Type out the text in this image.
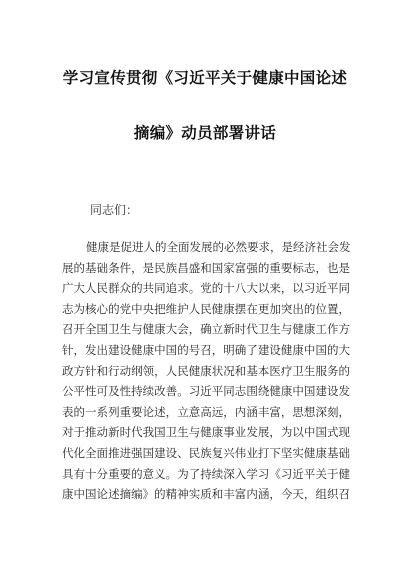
学习宣传贯彻《习近平关于健康中国论述
摘编》动员部署讲话
同志们：
健康是促进人的全面发展的必然要求，是经济社会发
展的基础条件，是民族昌盛和国家富强的重要标志，也是
广大人民群众的共同追求。党的十八大以来，以习近平同
志为核心的党中央把维护人民健康摆在更加突出的位置，
召开全国卫生与健康大会，确立新时代卫生与健康工作方
针，发出建设健康中国的号召，明确了建设健康中国的大
政方针和行动纲领，人民健康状况和基本医疗卫生服务的
公平性可及性持续改善。习近平同志围绕健康中国建设发
表的一系列重要论述，立意高远，内涵丰富，思想深刻，
对于推动新时代我国卫生与健康事业发展，为以中国式现
代化全面推进强国建设、民族复兴伟业打下坚实健康基础
具有十分重要的意义。为了持续深入学习《习近平关于健
康中国论述摘编》的精神实质和丰富内涵，今天，组织召
